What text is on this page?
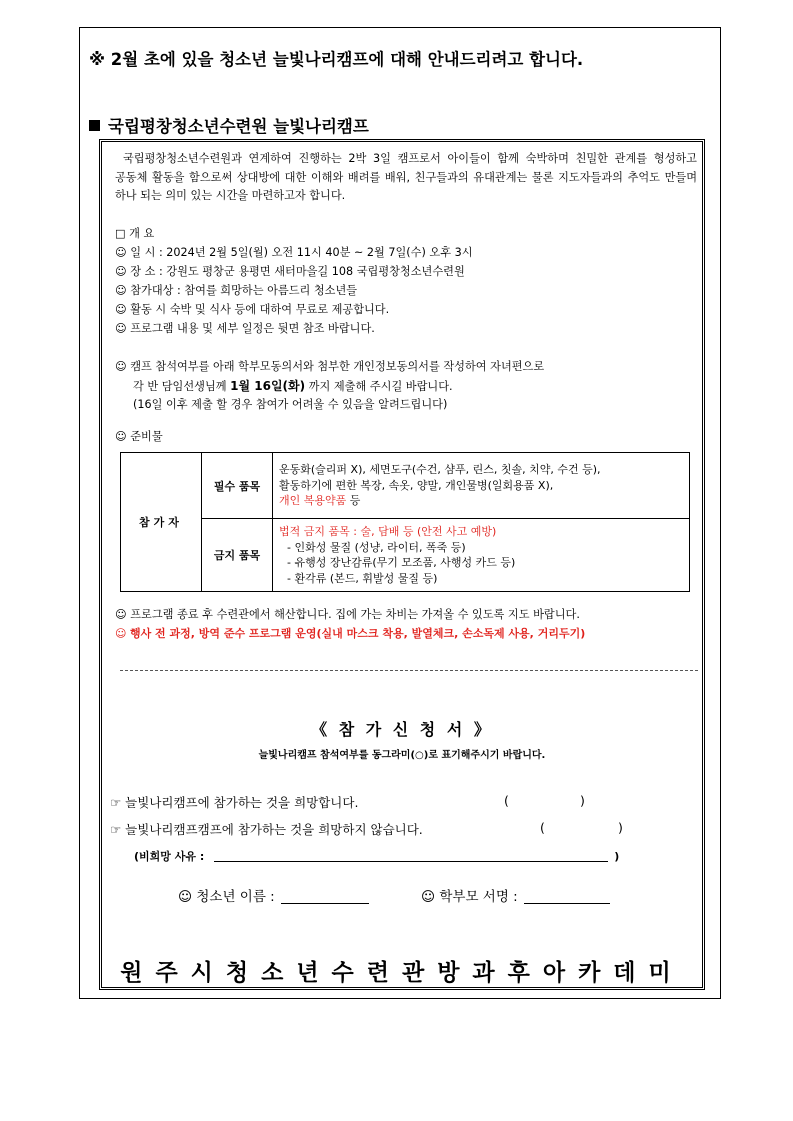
※ 2월 초에 있을 청소년 늘빛나리캠프에 대해 안내드리려고 합니다.
국립평창청소년수련원 늘빛나리캠프
국립평창청소년수련원과 연계하여 진행하는 2박 3일 캠프로서 아이들이 함께 숙박하며 친밀한 관계를 형성하고 공동체 활동을 함으로써 상대방에 대한 이해와 배려를 배워, 친구들과의 유대관계는 물론 지도자들과의 추억도 만들며 하나 되는 의미 있는 시간을 마련하고자 합니다.
□ 개 요
☺ 일 시 : 2024년 2월 5일(월) 오전 11시 40분 ~ 2월 7일(수) 오후 3시
☺ 장 소 : 강원도 평창군 용평면 새터마을길 108 국립평창청소년수련원
☺ 참가대상 : 참여를 희망하는 아름드리 청소년들
☺ 활동 시 숙박 및 식사 등에 대하여 무료로 제공합니다.
☺ 프로그램 내용 및 세부 일정은 뒷면 참조 바랍니다.
☺ 캠프 참석여부를 아래 학부모동의서와 첨부한 개인정보동의서를 작성하여 자녀편으로
각 반 담임선생님께 1월 16일(화) 까지 제출해 주시길 바랍니다.
(16일 이후 제출 할 경우 참여가 어려울 수 있음을 알려드립니다)
☺ 준비물
참가자	필수 품목	운동화(슬리퍼 X), 세면도구(수건, 샴푸, 린스, 칫솔, 치약, 수건 등),
활동하기에 편한 복장, 속옷, 양말, 개인물병(일회용품 X),
개인 복용약품 등

	금지 품목	법적 금지 품목 : 술, 담배 등 (안전 사고 예방)
- 인화성 물질 (성냥, 라이터, 폭죽 등)
- 유행성 장난감류(무기 모조품, 사행성 카드 등)
- 환각류 (본드, 휘발성 물질 등)
☺ 프로그램 종료 후 수련관에서 해산합니다. 집에 가는 차비는 가져올 수 있도록 지도 바랍니다.
☺ 행사 전 과정, 방역 준수 프로그램 운영(실내 마스크 착용, 발열체크, 손소독제 사용, 거리두기)
《 참 가 신 청 서 》
늘빛나리캠프 참석여부를 동그라미(○)로 표기해주시기 바랍니다.
☞ 늘빛나리캠프에 참가하는 것을 희망합니다.	(	)
☞ 늘빛나리캠프캠프에 참가하는 것을 희망하지 않습니다.	(	)
(비희망 사유 :	)
☺ 청소년 이름 :	☺ 학부모 서명 :
원주시청소년수련관방과후아카데미
